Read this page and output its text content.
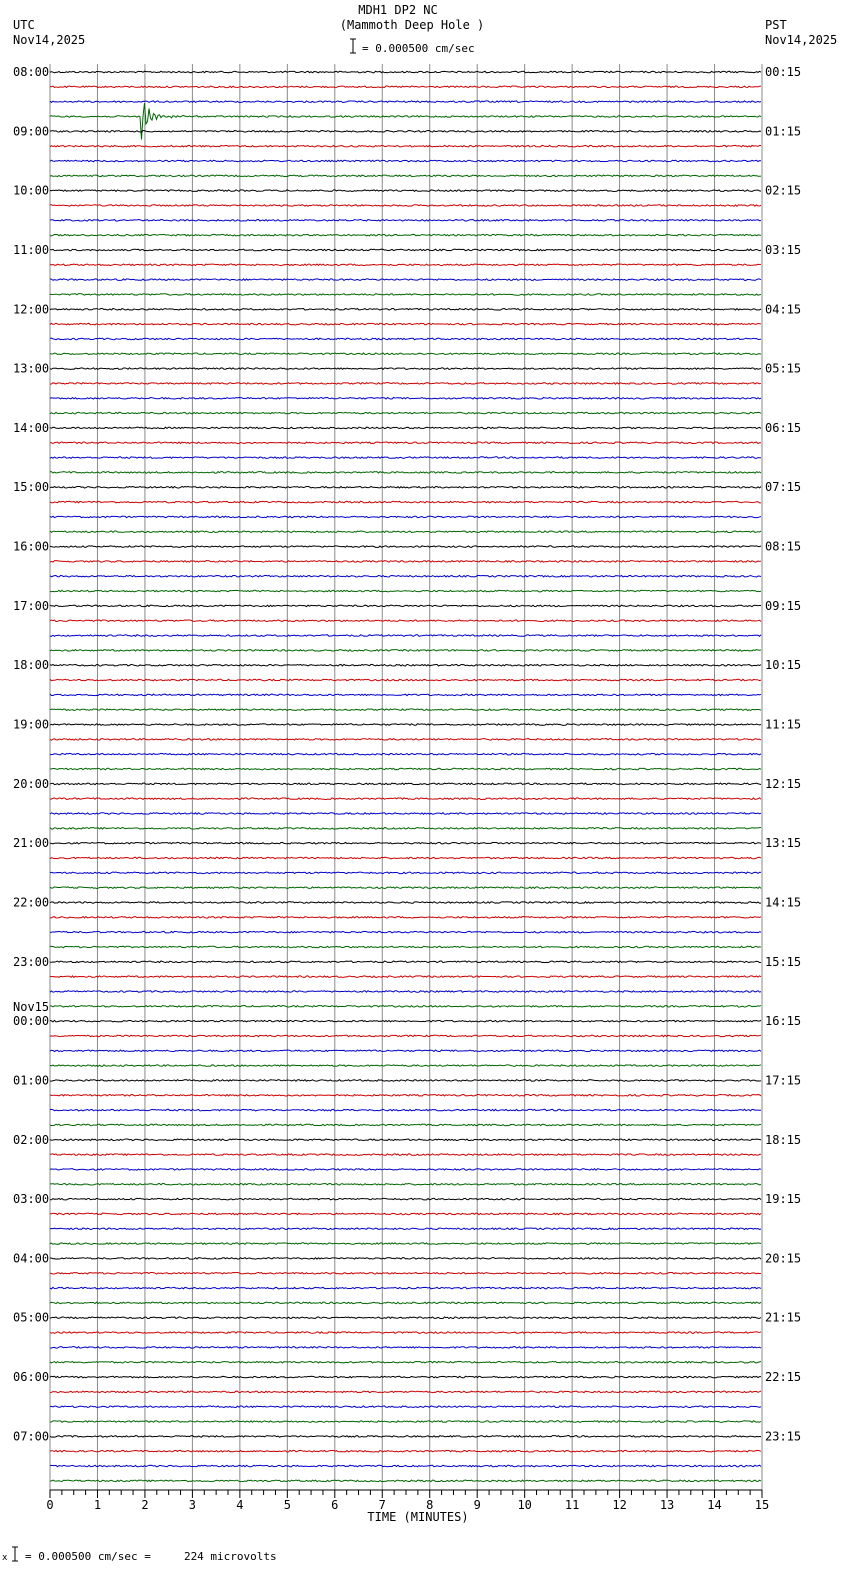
08:00
09:00
10:00
11:00
12:00
13:00
14:00
15:00
16:00
17:00
18:00
19:00
20:00
21:00
22:00
23:00
00:00
Nov15
01:00
02:00
03:00
04:00
05:00
06:00
07:00
00:15
01:15
02:15
03:15
04:15
05:15
06:15
07:15
08:15
09:15
10:15
11:15
12:15
13:15
14:15
15:15
16:15
17:15
18:15
19:15
20:15
21:15
22:15
23:15
0	1	2	3	4	5	6	7	8	9	10	11	12	13	14	15
MDH1 DP2 NC
(Mammoth Deep Hole )
= 0.000500 cm/sec
UTC
Nov14,2025
PST
Nov14,2025
TIME (MINUTES)
x = 0.000500 cm/sec =     224 microvolts
